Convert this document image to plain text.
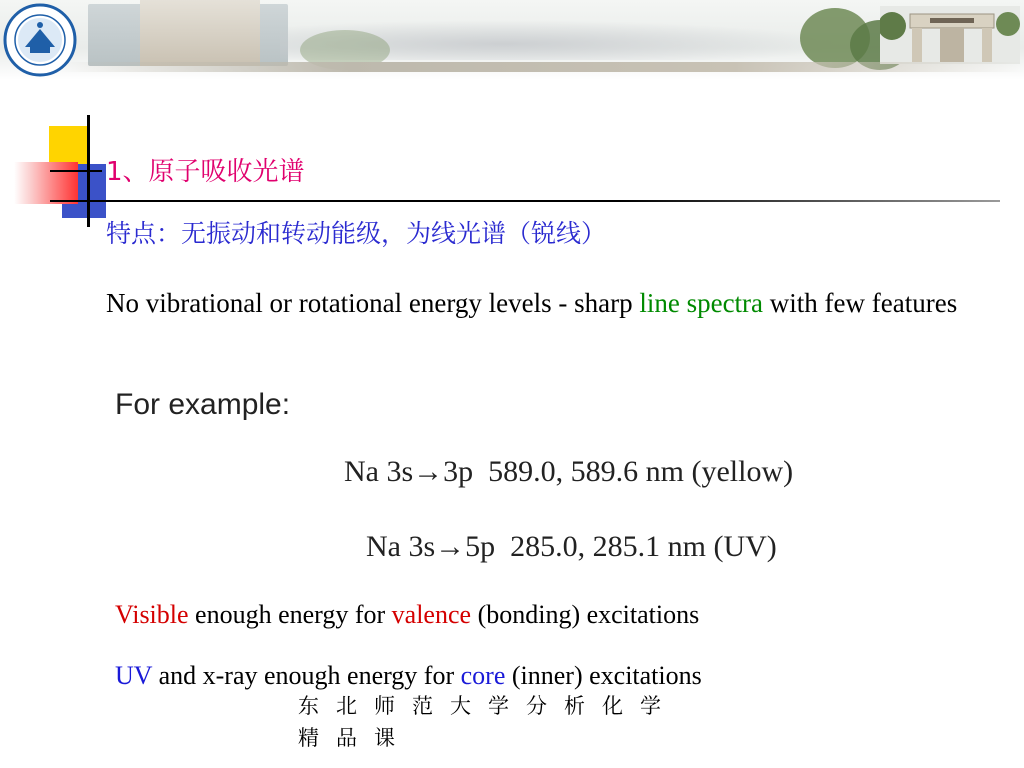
1、原子吸收光谱
特点：无振动和转动能级，为线光谱（锐线）
No vibrational or rotational energy levels - sharp line spectra with few features
For example:
Na 3s→3p  589.0, 589.6 nm (yellow)
Na 3s→5p  285.0, 285.1 nm (UV)
Visible enough energy for valence (bonding) excitations
UV and x-ray enough energy for core (inner) excitations
东北师范大学分析化学
精品课
